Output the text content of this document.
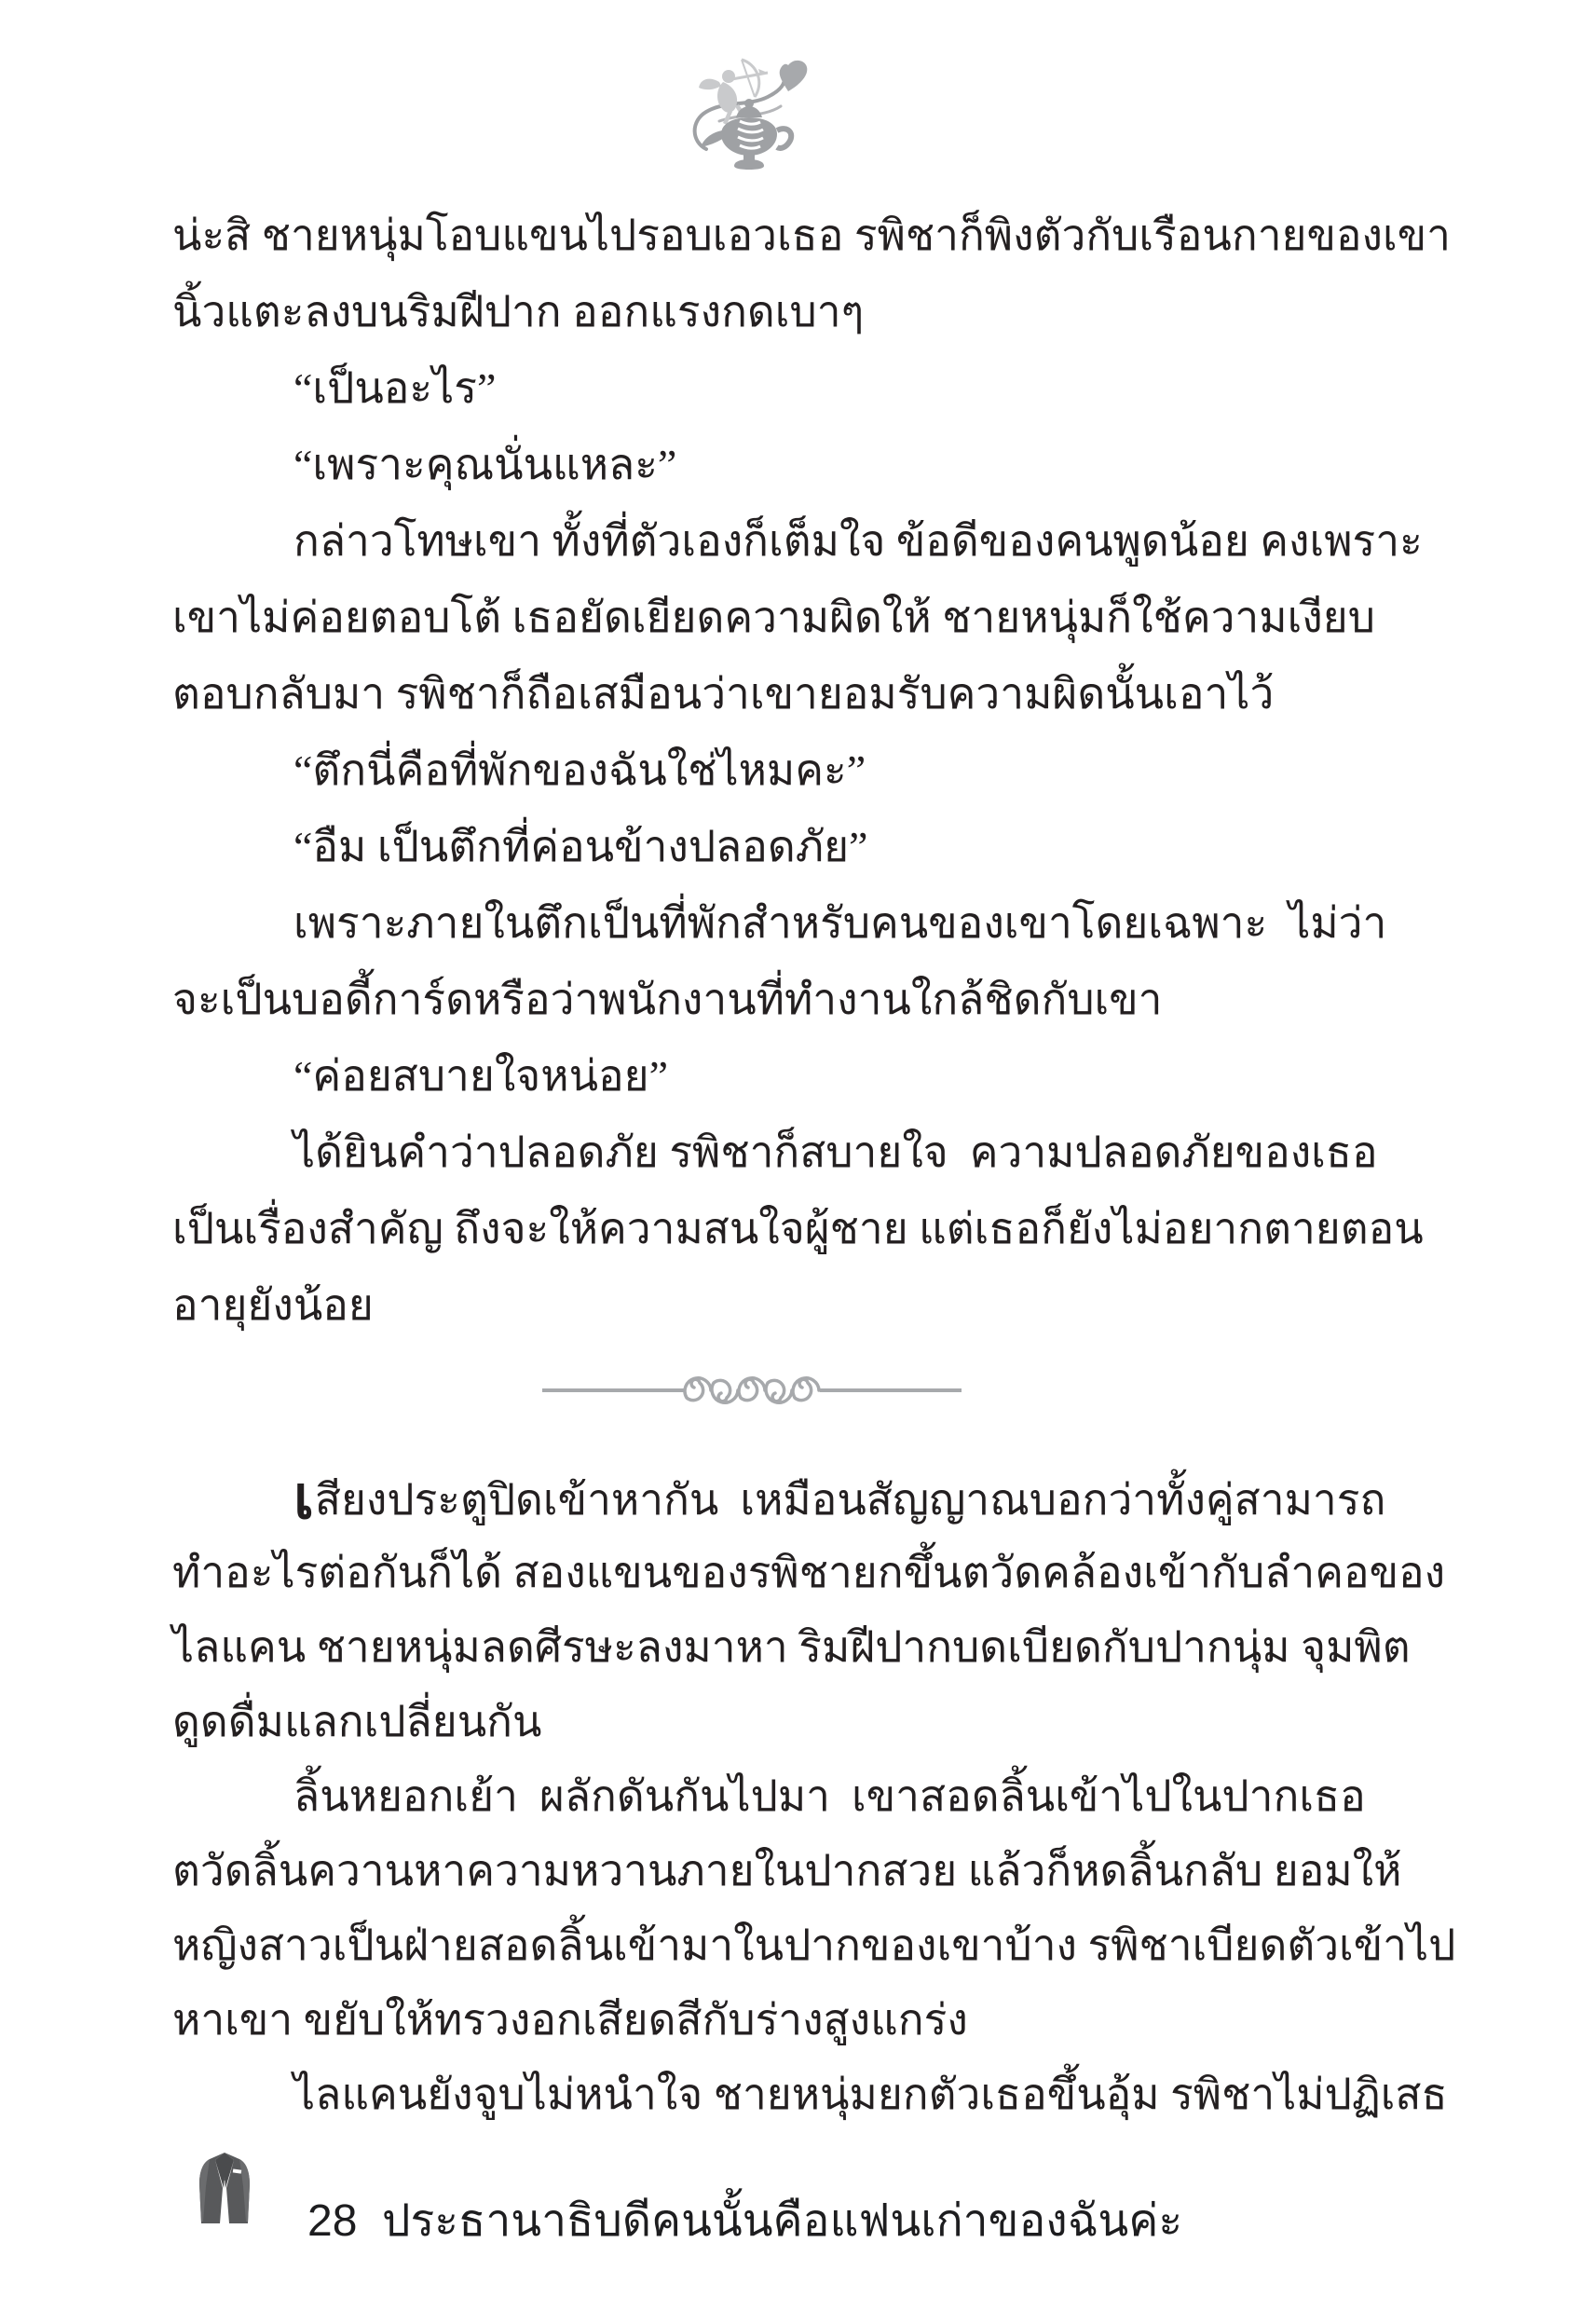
น่ะสิ ชายหนุ่มโอบแขนไปรอบเอวเธอ รพิชาก็พิงตัวกับเรือนกายของเขา
นิ้วแตะลงบนริมฝีปาก ออกแรงกดเบาๆ
“เป็นอะไร”
“เพราะคุณนั่นแหละ”
กล่าวโทษเขา ทั้งที่ตัวเองก็เต็มใจ ข้อดีของคนพูดน้อย คงเพราะ
เขาไม่ค่อยตอบโต้ เธอยัดเยียดความผิดให้ ชายหนุ่มก็ใช้ความเงียบ
ตอบกลับมา รพิชาก็ถือเสมือนว่าเขายอมรับความผิดนั้นเอาไว้
“ตึกนี่คือที่พักของฉันใช่ไหมคะ”
“อืม เป็นตึกที่ค่อนข้างปลอดภัย”
เพราะภายในตึกเป็นที่พักสำหรับคนของเขาโดยเฉพาะ  ไม่ว่า
จะเป็นบอดี้การ์ดหรือว่าพนักงานที่ทำงานใกล้ชิดกับเขา
“ค่อยสบายใจหน่อย”
ได้ยินคำว่าปลอดภัย รพิชาก็สบายใจ  ความปลอดภัยของเธอ
เป็นเรื่องสำคัญ ถึงจะให้ความสนใจผู้ชาย แต่เธอก็ยังไม่อยากตายตอน
อายุยังน้อย
เสียงประตูปิดเข้าหากัน  เหมือนสัญญาณบอกว่าทั้งคู่สามารถ
ทำอะไรต่อกันก็ได้ สองแขนของรพิชายกขึ้นตวัดคล้องเข้ากับลำคอของ
ไลแคน ชายหนุ่มลดศีรษะลงมาหา ริมฝีปากบดเบียดกับปากนุ่ม จุมพิต
ดูดดื่มแลกเปลี่ยนกัน
ลิ้นหยอกเย้า  ผลักดันกันไปมา  เขาสอดลิ้นเข้าไปในปากเธอ
ตวัดลิ้นควานหาความหวานภายในปากสวย แล้วก็หดลิ้นกลับ ยอมให้
หญิงสาวเป็นฝ่ายสอดลิ้นเข้ามาในปากของเขาบ้าง รพิชาเบียดตัวเข้าไป
หาเขา ขยับให้ทรวงอกเสียดสีกับร่างสูงแกร่ง
ไลแคนยังจูบไม่หนำใจ ชายหนุ่มยกตัวเธอขึ้นอุ้ม รพิชาไม่ปฏิเสธ
28 ประธานาธิบดีคนนั้นคือแฟนเก่าของฉันค่ะ
